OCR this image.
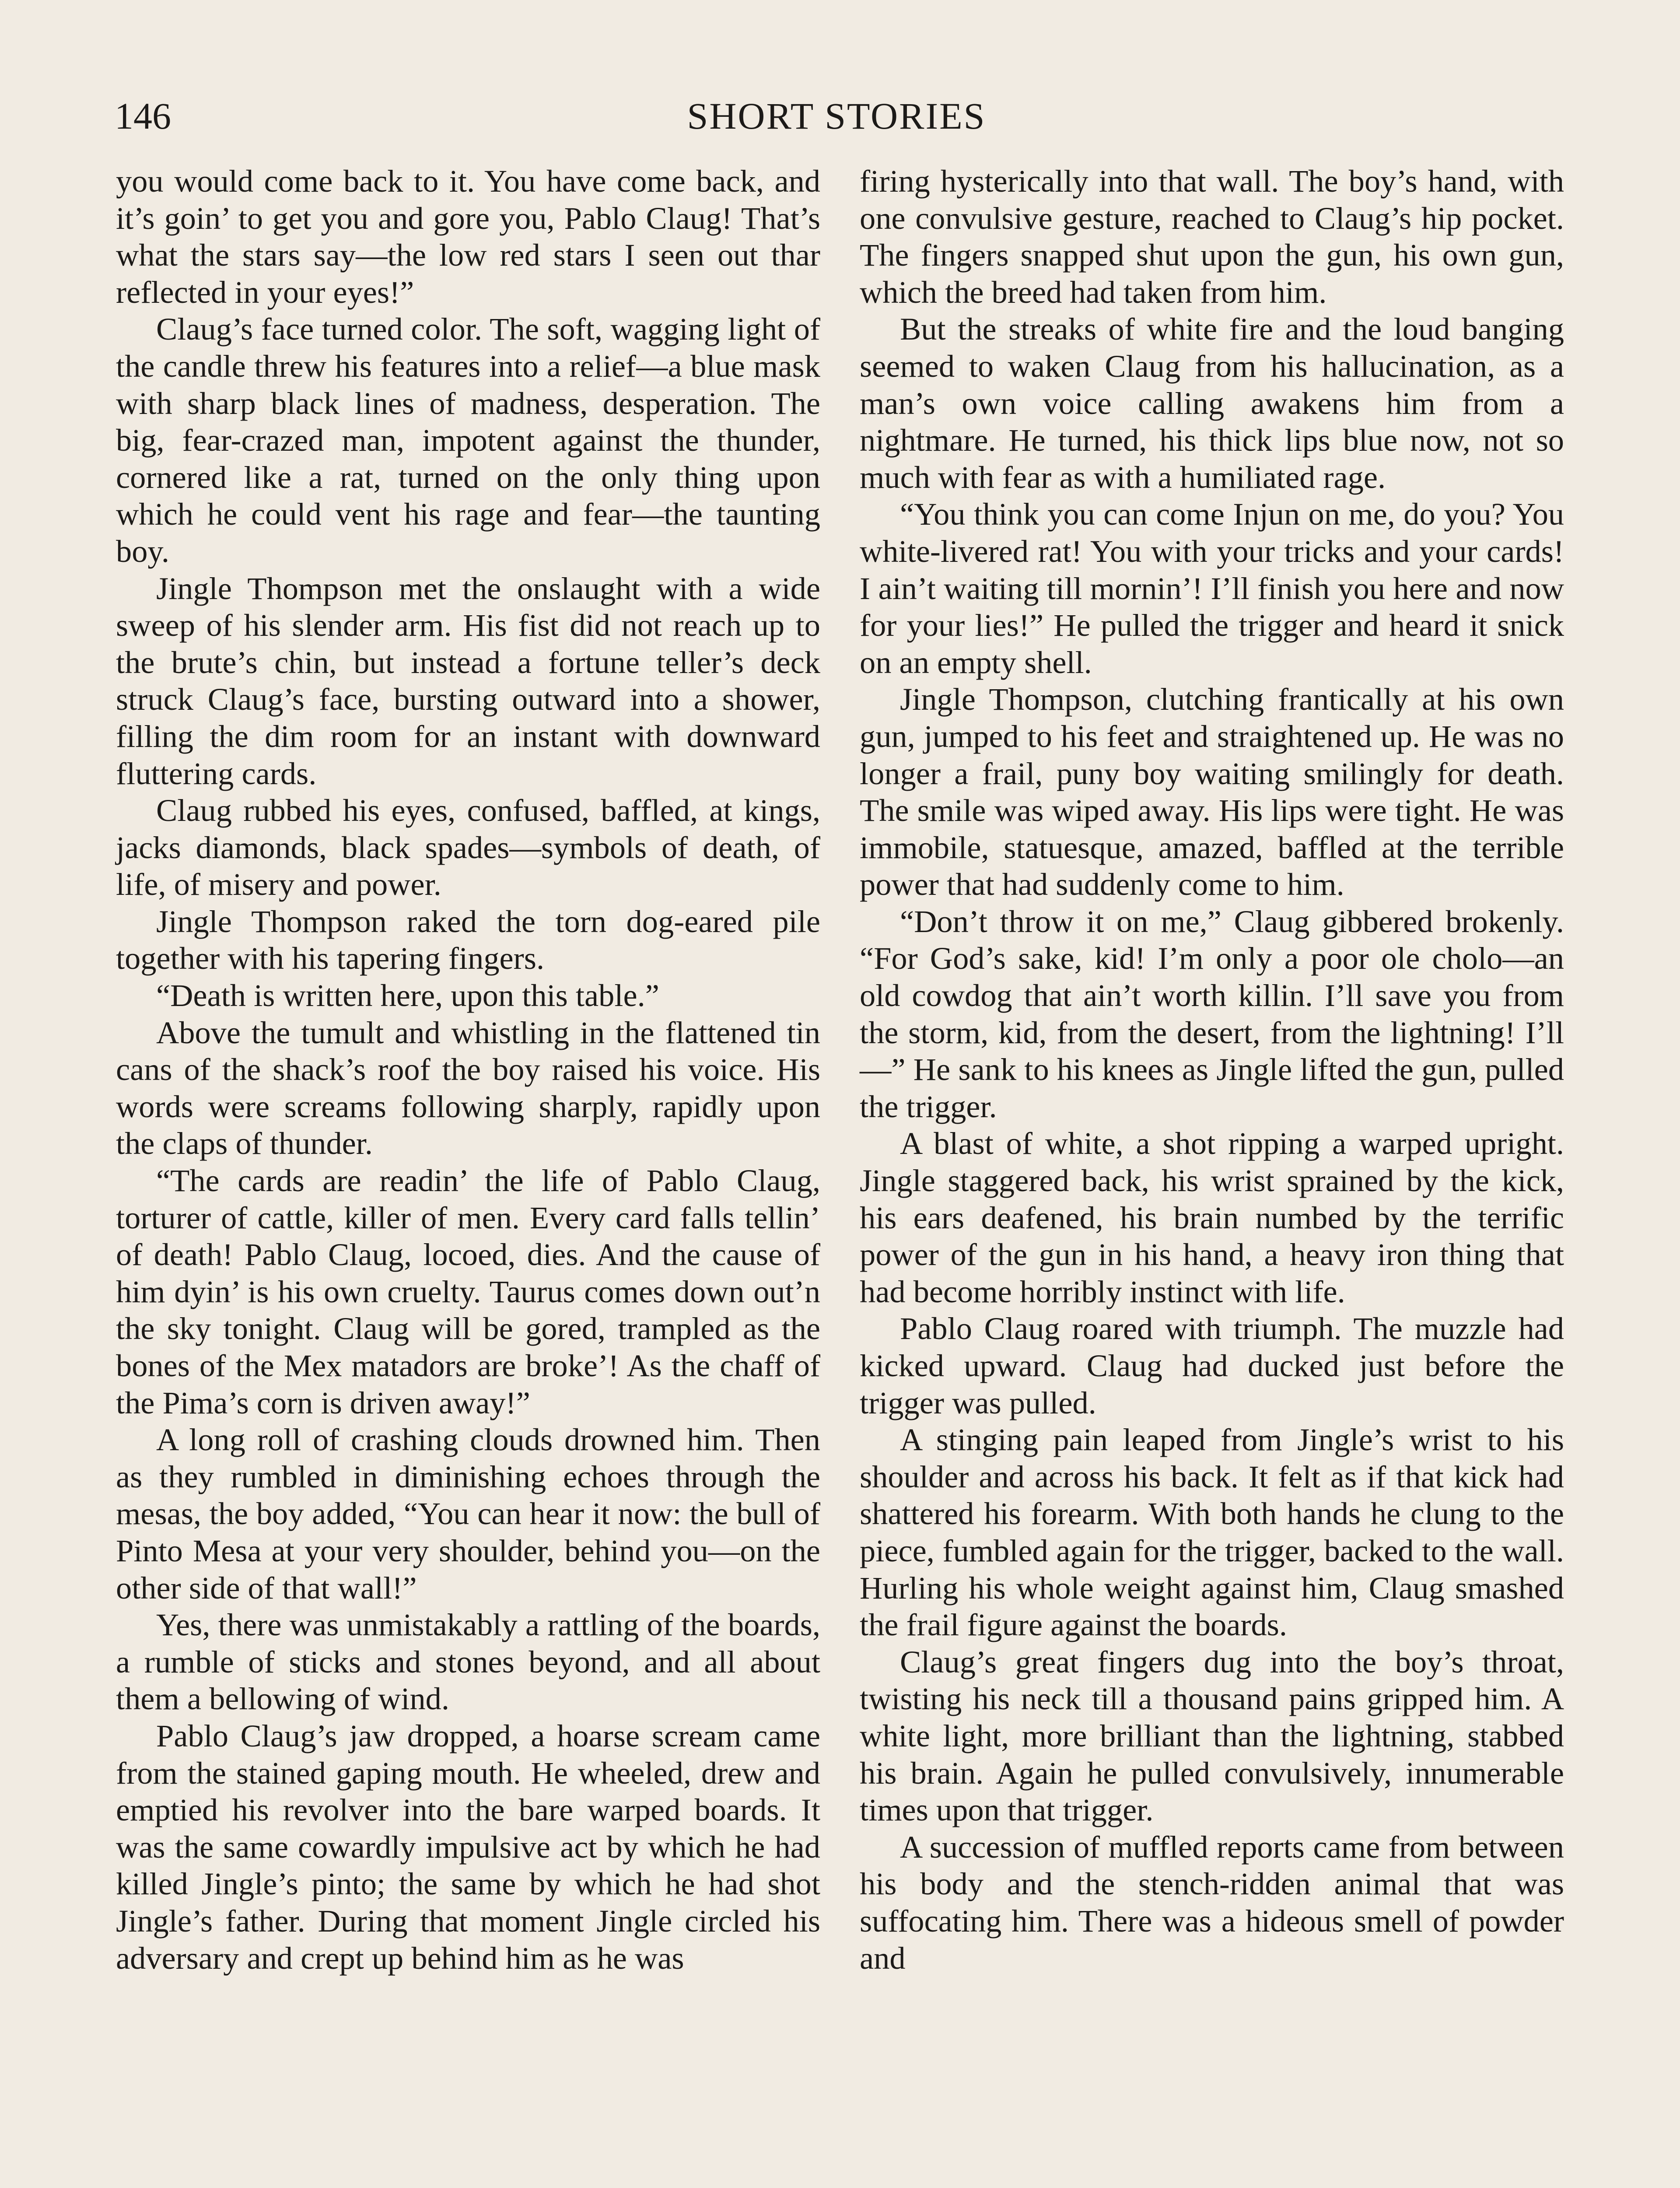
146	SHORT STORIES

you would come back to it. You have come back, and it’s goin’ to get you and gore you, Pablo Claug! That’s what the stars say—the low red stars I seen out thar reflected in your eyes!”

Claug’s face turned color. The soft, wagging light of the candle threw his features into a relief—a blue mask with sharp black lines of madness, desperation. The big, fear-crazed man, impotent against the thunder, cornered like a rat, turned on the only thing upon which he could vent his rage and fear—the taunting boy.

Jingle Thompson met the onslaught with a wide sweep of his slender arm. His fist did not reach up to the brute’s chin, but instead a fortune teller’s deck struck Claug’s face, bursting outward into a shower, filling the dim room for an instant with downward fluttering cards.

Claug rubbed his eyes, confused, baffled, at kings, jacks diamonds, black spades—symbols of death, of life, of misery and power.

Jingle Thompson raked the torn dog-eared pile together with his tapering fingers.

“Death is written here, upon this table.”

Above the tumult and whistling in the flattened tin cans of the shack’s roof the boy raised his voice. His words were screams following sharply, rapidly upon the claps of thunder.

“The cards are readin’ the life of Pablo Claug, torturer of cattle, killer of men. Every card falls tellin’ of death! Pablo Claug, locoed, dies. And the cause of him dyin’ is his own cruelty. Taurus comes down out’n the sky tonight. Claug will be gored, trampled as the bones of the Mex matadors are broke’! As the chaff of the Pima’s corn is driven away!”

A long roll of crashing clouds drowned him. Then as they rumbled in diminishing echoes through the mesas, the boy added, “You can hear it now: the bull of Pinto Mesa at your very shoulder, behind you—on the other side of that wall!”

Yes, there was unmistakably a rattling of the boards, a rumble of sticks and stones beyond, and all about them a bellowing of wind.

Pablo Claug’s jaw dropped, a hoarse scream came from the stained gaping mouth. He wheeled, drew and emptied his revolver into the bare warped boards. It was the same cowardly impulsive act by which he had killed Jingle’s pinto; the same by which he had shot Jingle’s father. During that moment Jingle circled his adversary and crept up behind him as he was

firing hysterically into that wall. The boy’s hand, with one convulsive gesture, reached to Claug’s hip pocket. The fingers snapped shut upon the gun, his own gun, which the breed had taken from him.

But the streaks of white fire and the loud banging seemed to waken Claug from his hallucination, as a man’s own voice calling awakens him from a nightmare. He turned, his thick lips blue now, not so much with fear as with a humiliated rage.

“You think you can come Injun on me, do you? You white-livered rat! You with your tricks and your cards! I ain’t waiting till mornin’! I’ll finish you here and now for your lies!” He pulled the trigger and heard it snick on an empty shell.

Jingle Thompson, clutching frantically at his own gun, jumped to his feet and straightened up. He was no longer a frail, puny boy waiting smilingly for death. The smile was wiped away. His lips were tight. He was immobile, statuesque, amazed, baffled at the terrible power that had suddenly come to him.

“Don’t throw it on me,” Claug gibbered brokenly. “For God’s sake, kid! I’m only a poor ole cholo—an old cowdog that ain’t worth killin. I’ll save you from the storm, kid, from the desert, from the lightning! I’ll—” He sank to his knees as Jingle lifted the gun, pulled the trigger.

A blast of white, a shot ripping a warped upright. Jingle staggered back, his wrist sprained by the kick, his ears deafened, his brain numbed by the terrific power of the gun in his hand, a heavy iron thing that had become horribly instinct with life.

Pablo Claug roared with triumph. The muzzle had kicked upward. Claug had ducked just before the trigger was pulled.

A stinging pain leaped from Jingle’s wrist to his shoulder and across his back. It felt as if that kick had shattered his forearm. With both hands he clung to the piece, fumbled again for the trigger, backed to the wall. Hurling his whole weight against him, Claug smashed the frail figure against the boards.

Claug’s great fingers dug into the boy’s throat, twisting his neck till a thousand pains gripped him. A white light, more brilliant than the lightning, stabbed his brain. Again he pulled convulsively, innumerable times upon that trigger.

A succession of muffled reports came from between his body and the stench-ridden animal that was suffocating him. There was a hideous smell of powder and
